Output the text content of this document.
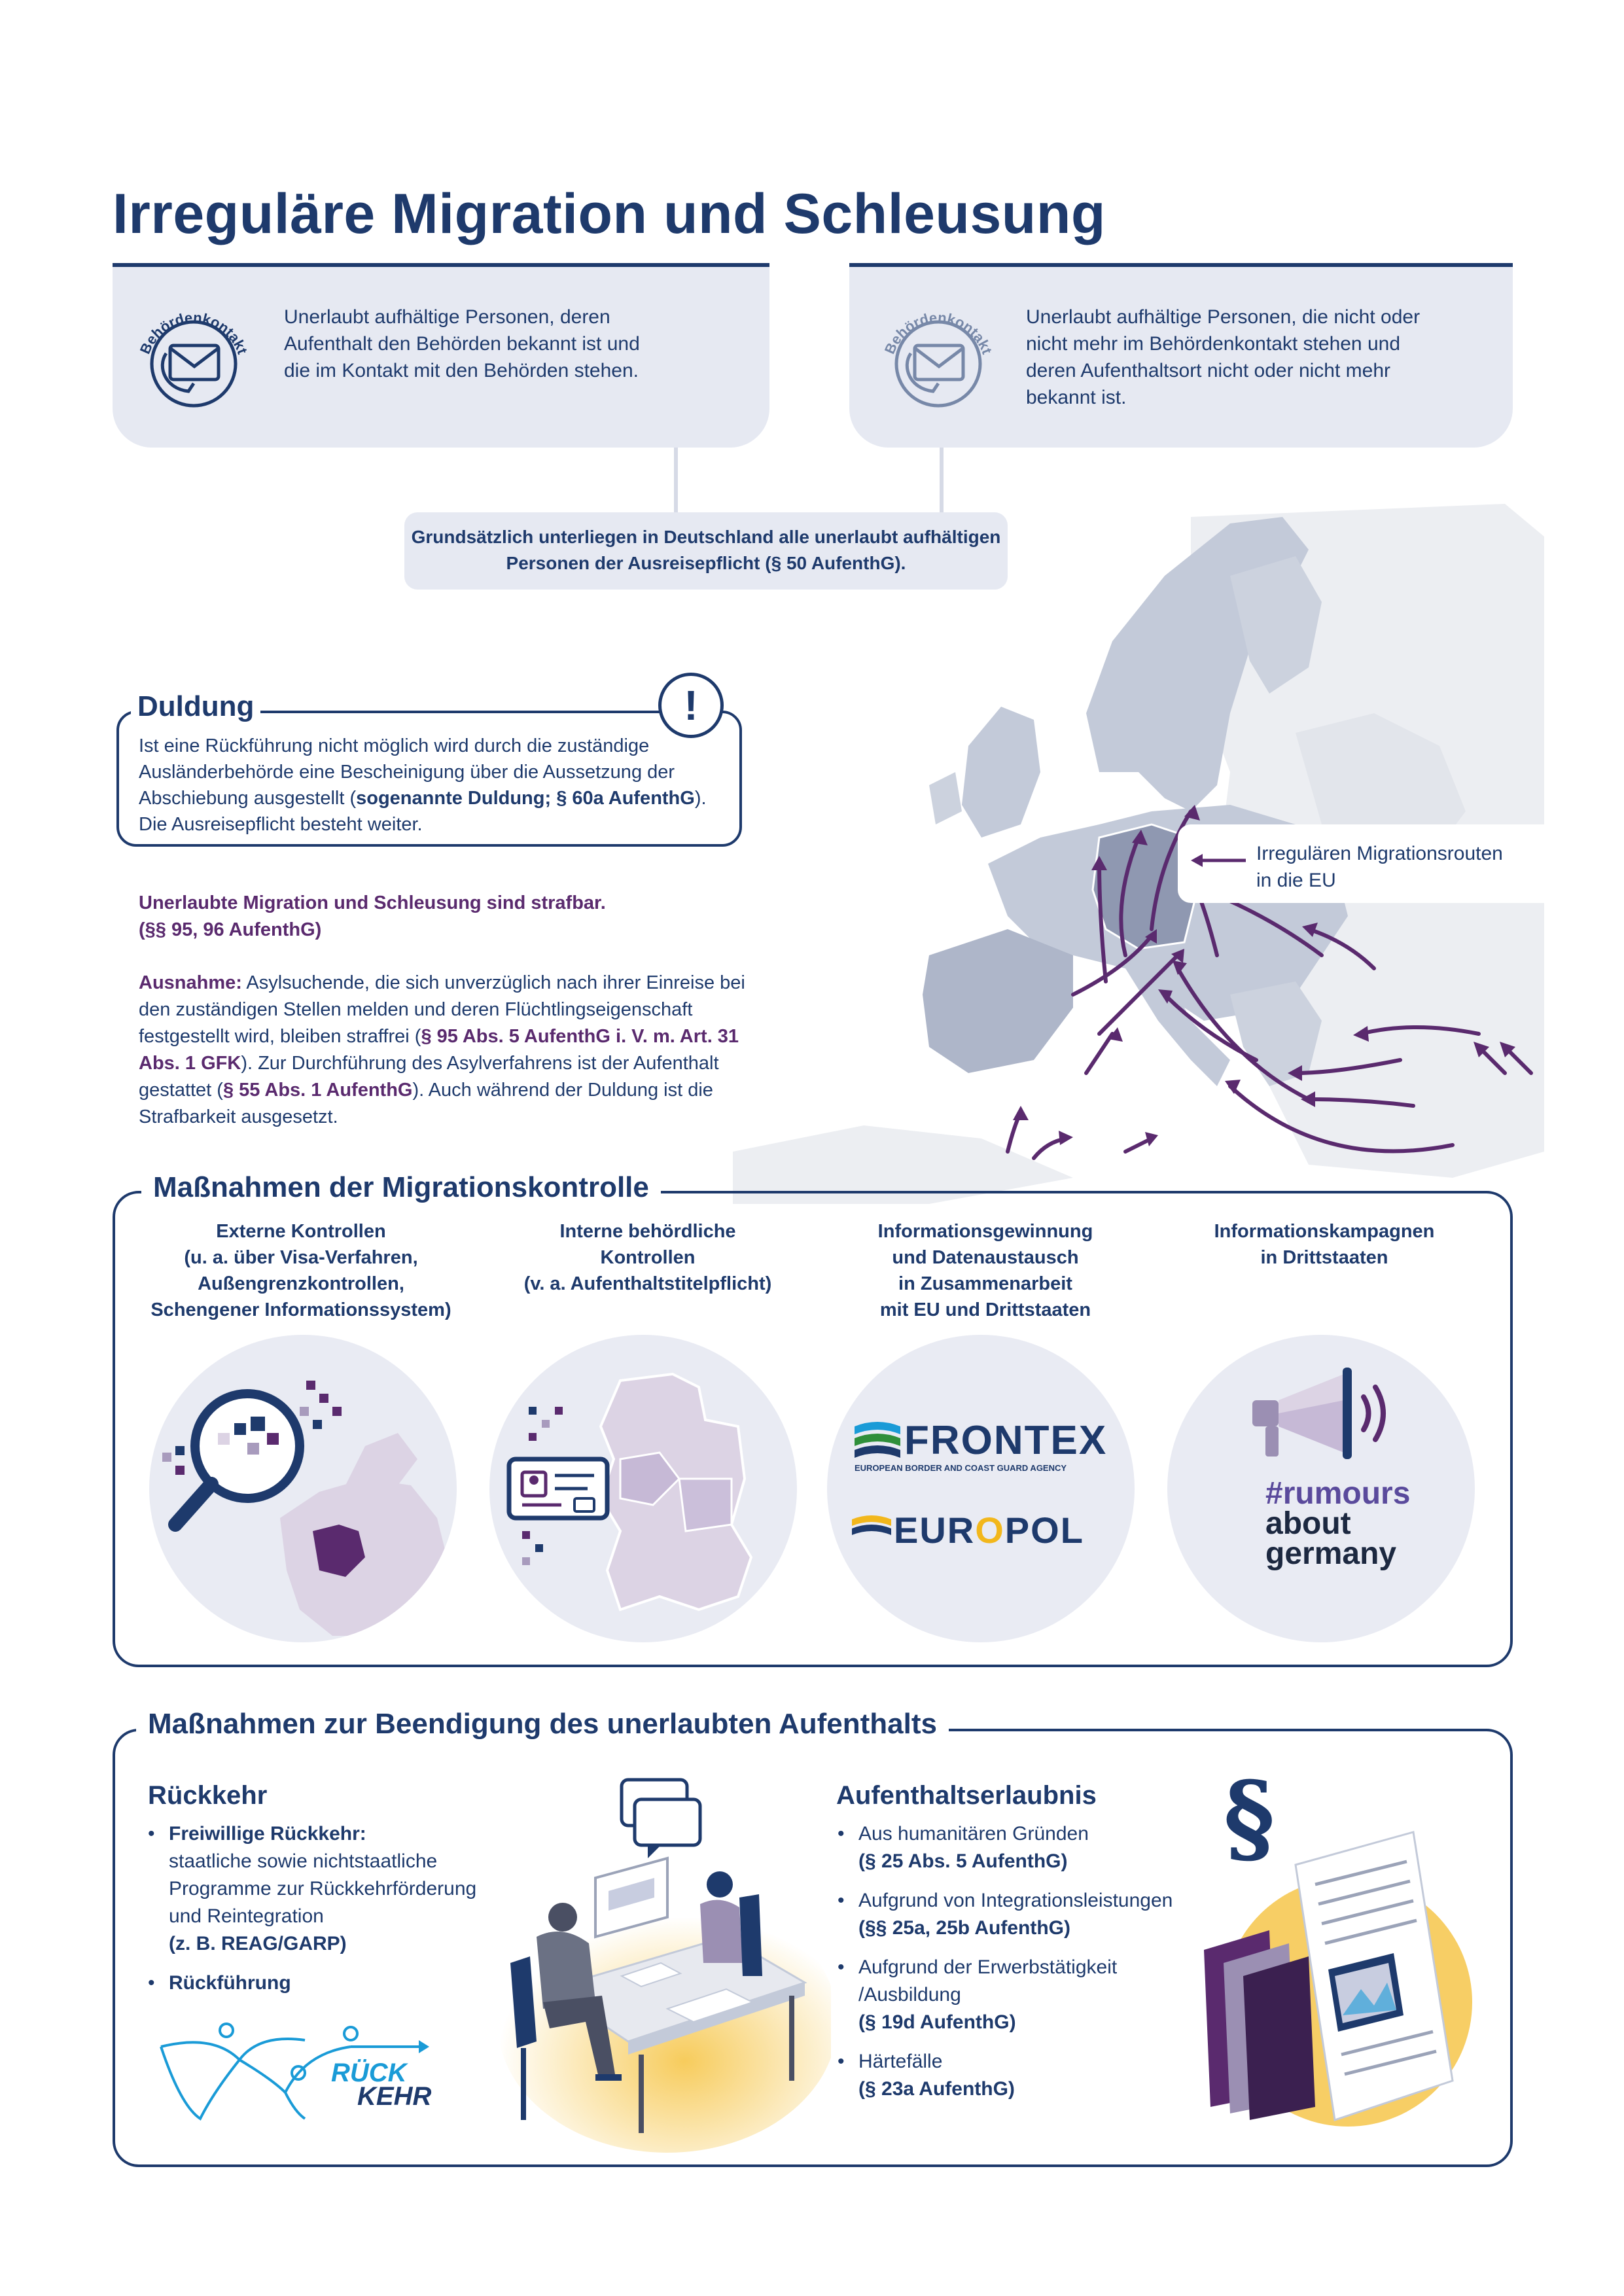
Irreguläre Migration und Schleusung
Behördenkontakt
Unerlaubt aufhältige Personen, deren Aufenthalt den Behörden bekannt ist und die im Kontakt mit den Behörden stehen.
Behördenkontakt
Unerlaubt aufhältige Personen, die nicht oder nicht mehr im Behördenkontakt stehen und deren Aufenthaltsort nicht oder nicht mehr bekannt ist.
Irregulären Migrationsrouten
in die EU
Grundsätzlich unterliegen in Deutschland alle unerlaubt aufhältigen Personen der Ausreisepflicht (§ 50 AufenthG).
Duldung	!
Ist eine Rückführung nicht möglich wird durch die zuständige Ausländerbehörde eine Bescheinigung über die Aussetzung der Abschiebung ausgestellt (sogenannte Duldung; § 60a AufenthG). Die Ausreisepflicht besteht weiter.
Unerlaubte Migration und Schleusung sind strafbar.
(§§ 95, 96 AufenthG)
Ausnahme: Asylsuchende, die sich unverzüglich nach ihrer Einreise bei den zuständigen Stellen melden und deren Flüchtlingseigenschaft festgestellt wird, bleiben straffrei (§ 95 Abs. 5 AufenthG i. V. m. Art. 31 Abs. 1 GFK). Zur Durchführung des Asylverfahrens ist der Aufenthalt gestattet (§ 55 Abs. 1 AufenthG). Auch während der Duldung ist die Strafbarkeit ausgesetzt.
Maßnahmen der Migrationskontrolle
Externe Kontrollen
(u. a. über Visa-Verfahren,
Außengrenzkontrollen,
Schengener Informationssystem)
Interne behördliche
Kontrollen
(v. a. Aufenthaltstitelpflicht)
Informationsgewinnung
und Datenaustausch
in Zusammenarbeit
mit EU und Drittstaaten
Informationskampagnen
in Drittstaaten
FRONTEX
EUROPEAN BORDER AND COAST GUARD AGENCY
EUROPOL
#rumours
about
germany
Maßnahmen zur Beendigung des unerlaubten Aufenthalts
Rückkehr
• Freiwillige Rückkehr:
staatliche sowie nichtstaatliche Programme zur Rückkehrförderung und Reintegration
(z. B. REAG/GARP)
• Rückführung
RÜCK
KEHR
Aufenthaltserlaubnis
• Aus humanitären Gründen
(§ 25 Abs. 5 AufenthG)
• Aufgrund von Integrationsleistungen
(§§ 25a, 25b AufenthG)
• Aufgrund der Erwerbstätigkeit /Ausbildung
(§ 19d AufenthG)
• Härtefälle
(§ 23a AufenthG)
§
